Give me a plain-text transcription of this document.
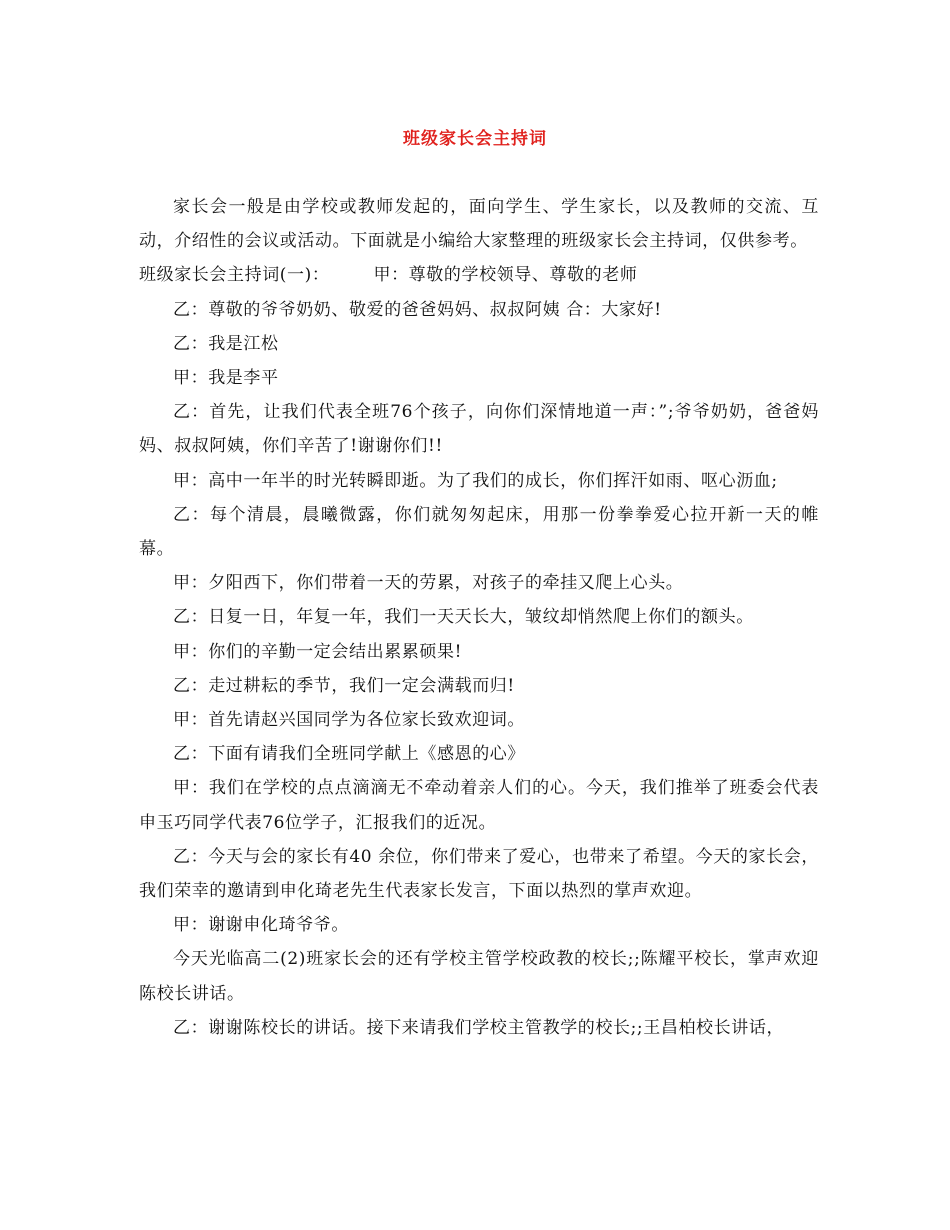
班级家长会主持词

家长会一般是由学校或教师发起的，面向学生、学生家长，以及教师的交流、互动，介绍性的会议或活动。下面就是小编给大家整理的班级家长会主持词，仅供参考。

班级家长会主持词(一)：	甲：尊敬的学校领导、尊敬的老师

乙：尊敬的爷爷奶奶、敬爱的爸爸妈妈、叔叔阿姨 合：大家好!

乙：我是江松

甲：我是李平

乙：首先，让我们代表全班76个孩子，向你们深情地道一声：”;爷爷奶奶，爸爸妈妈、叔叔阿姨，你们辛苦了!谢谢你们!!

甲：高中一年半的时光转瞬即逝。为了我们的成长，你们挥汗如雨、呕心沥血;

乙：每个清晨，晨曦微露，你们就匆匆起床，用那一份拳拳爱心拉开新一天的帷幕。

甲：夕阳西下，你们带着一天的劳累，对孩子的牵挂又爬上心头。

乙：日复一日，年复一年，我们一天天长大，皱纹却悄然爬上你们的额头。

甲：你们的辛勤一定会结出累累硕果!

乙：走过耕耘的季节，我们一定会满载而归!

甲：首先请赵兴国同学为各位家长致欢迎词。

乙：下面有请我们全班同学献上《感恩的心》

甲：我们在学校的点点滴滴无不牵动着亲人们的心。今天，我们推举了班委会代表申玉巧同学代表76位学子，汇报我们的近况。

乙：今天与会的家长有40 余位，你们带来了爱心，也带来了希望。今天的家长会，我们荣幸的邀请到申化琦老先生代表家长发言，下面以热烈的掌声欢迎。

甲：谢谢申化琦爷爷。

今天光临高二(2)班家长会的还有学校主管学校政教的校长;;陈耀平校长，掌声欢迎陈校长讲话。

乙：谢谢陈校长的讲话。接下来请我们学校主管教学的校长;;王昌柏校长讲话，
